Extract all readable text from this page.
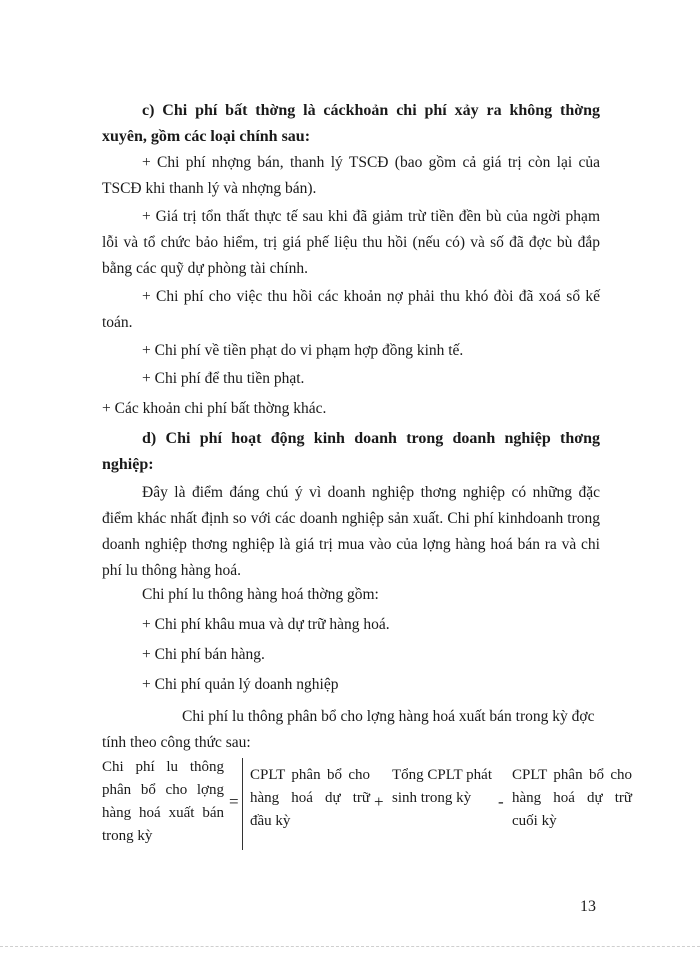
c) Chi phí bất thờng là cáckhoản chi phí xảy ra không thờng xuyên, gồm các loại chính sau:

+ Chi phí nhợng bán, thanh lý TSCĐ (bao gồm cả giá trị còn lại của TSCĐ khi thanh lý và nhợng bán).

+ Giá trị tổn thất thực tế sau khi đã giảm trừ tiền đền bù của ngời phạm lỗi và tổ chức bảo hiểm, trị giá phế liệu thu hồi (nếu có) và số đã đợc bù đắp bằng các quỹ dự phòng tài chính.

+ Chi phí cho việc thu hồi các khoản nợ phải thu khó đòi đã xoá sổ kế toán.

+ Chi phí về tiền phạt do vi phạm hợp đồng kinh tế.

+ Chi phí để thu tiền phạt.

+ Các khoản chi phí bất thờng khác.

d) Chi phí hoạt động kinh doanh trong doanh nghiệp thơng nghiệp:

Đây là điểm đáng chú ý vì doanh nghiệp thơng nghiệp có những đặc điểm khác nhất định so với các doanh nghiệp sản xuất. Chi phí kinhdoanh trong doanh nghiệp thơng nghiệp là giá trị mua vào của lợng hàng hoá bán ra và chi phí lu thông hàng hoá.

Chi phí lu thông hàng hoá thờng gồm:

+ Chi phí khâu mua và dự trữ hàng hoá.

+ Chi phí bán hàng.

+ Chi phí quản lý doanh nghiệp

Chi phí lu thông phân bổ cho lợng hàng hoá xuất bán trong kỳ đợc tính theo công thức sau:

Chi phí lu thông phân bổ cho lợng hàng hoá xuất bán trong kỳ
=
CPLT phân bổ cho hàng hoá dự trữ đầu kỳ
+
Tổng CPLT phát sinh trong kỳ	-
CPLT phân bổ cho hàng hoá dự trữ cuối kỳ
13
